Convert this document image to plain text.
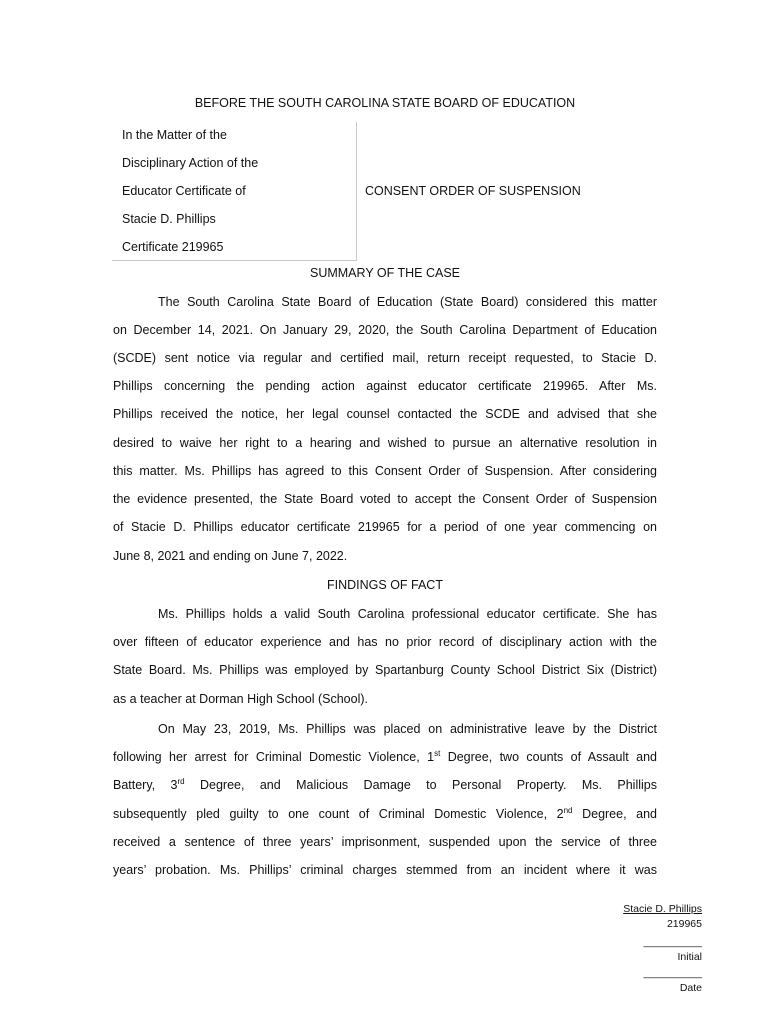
BEFORE THE SOUTH CAROLINA STATE BOARD OF EDUCATION
In the Matter of the
Disciplinary Action of the
Educator Certificate of
Stacie D. Phillips
Certificate 219965
CONSENT ORDER OF SUSPENSION
SUMMARY OF THE CASE
The South Carolina State Board of Education (State Board) considered this matter
on December 14, 2021. On January 29, 2020, the South Carolina Department of Education
(SCDE) sent notice via regular and certified mail, return receipt requested, to Stacie D.
Phillips concerning the pending action against educator certificate 219965. After Ms.
Phillips received the notice, her legal counsel contacted the SCDE and advised that she
desired to waive her right to a hearing and wished to pursue an alternative resolution in
this matter. Ms. Phillips has agreed to this Consent Order of Suspension. After considering
the evidence presented, the State Board voted to accept the Consent Order of Suspension
of Stacie D. Phillips educator certificate 219965 for a period of one year commencing on
June 8, 2021 and ending on June 7, 2022.
FINDINGS OF FACT
Ms. Phillips holds a valid South Carolina professional educator certificate. She has
over fifteen of educator experience and has no prior record of disciplinary action with the
State Board. Ms. Phillips was employed by Spartanburg County School District Six (District)
as a teacher at Dorman High School (School).
On May 23, 2019, Ms. Phillips was placed on administrative leave by the District
following her arrest for Criminal Domestic Violence, 1st Degree, two counts of Assault and
Battery, 3rd Degree, and Malicious Damage to Personal Property. Ms. Phillips
subsequently pled guilty to one count of Criminal Domestic Violence, 2nd Degree, and
received a sentence of three years’ imprisonment, suspended upon the service of three
years’ probation. Ms. Phillips’ criminal charges stemmed from an incident where it was
Stacie D. Phillips
219965
__________
Initial
__________
Date
